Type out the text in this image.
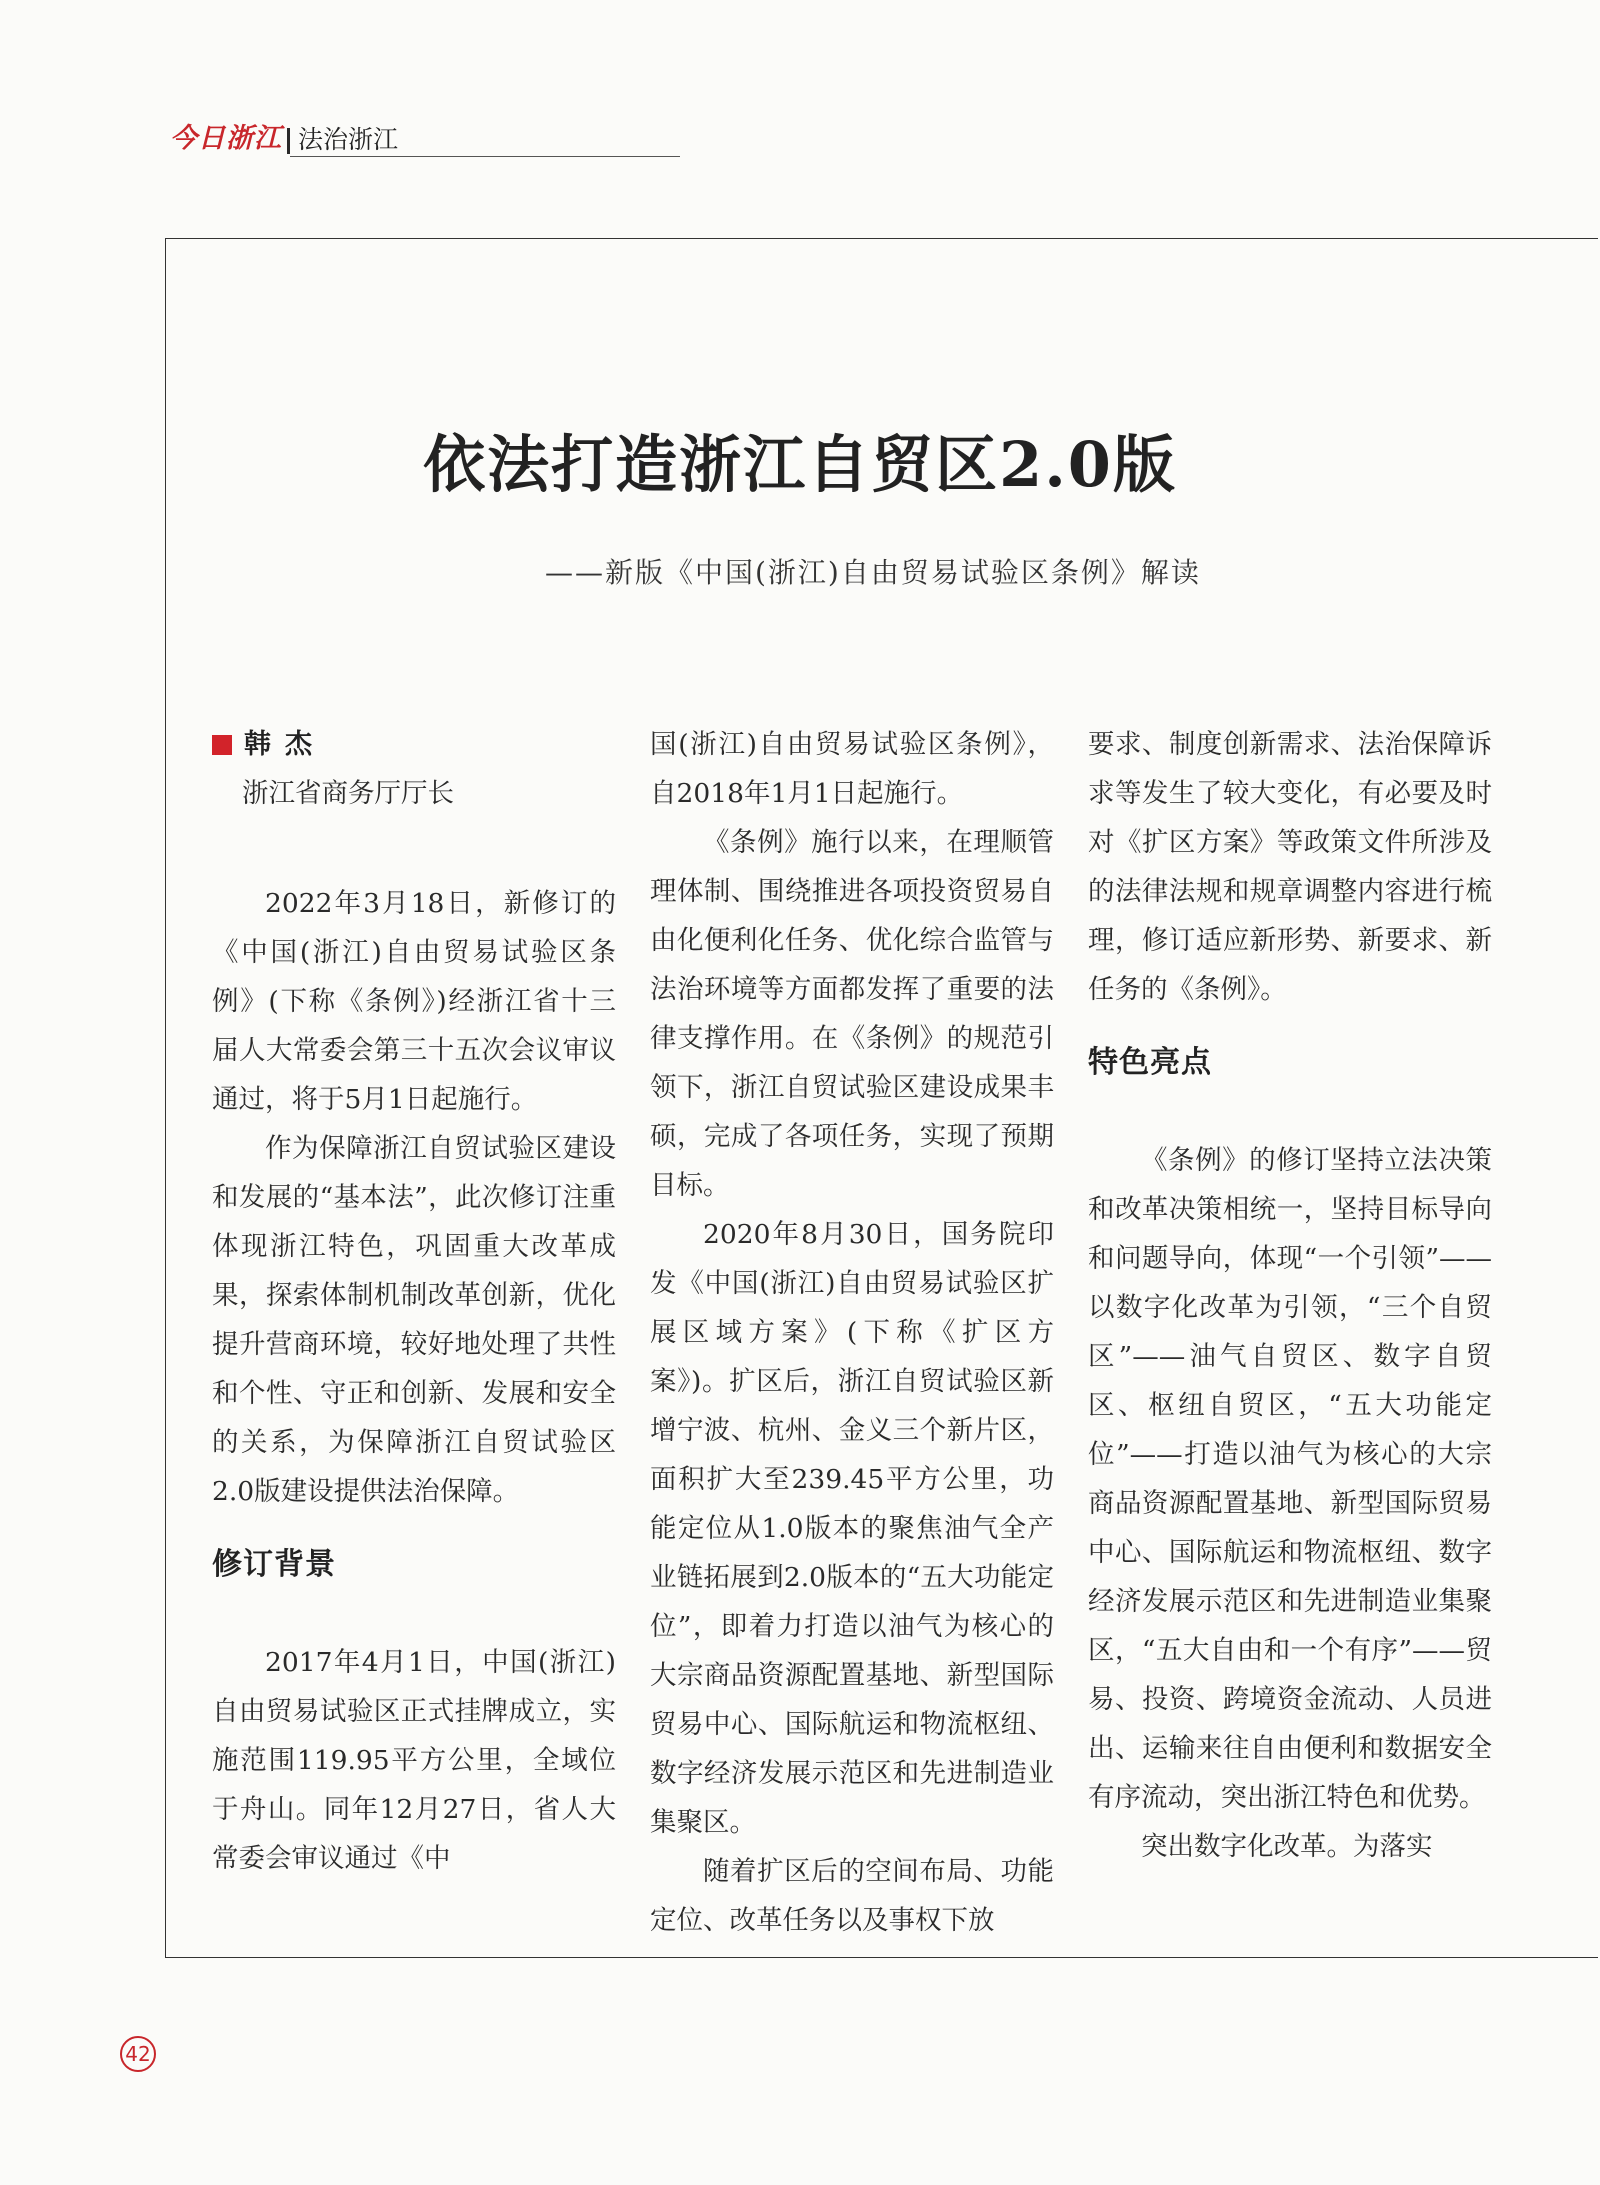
今日浙江 法治浙江
依法打造浙江自贸区2.0版
——新版《中国(浙江)自由贸易试验区条例》解读
韩杰
浙江省商务厅厅长

2022年3月18日，新修订的《中国(浙江)自由贸易试验区条例》(下称《条例》)经浙江省十三届人大常委会第三十五次会议审议通过，将于5月1日起施行。

作为保障浙江自贸试验区建设和发展的“基本法”，此次修订注重体现浙江特色，巩固重大改革成果，探索体制机制改革创新，优化提升营商环境，较好地处理了共性和个性、守正和创新、发展和安全的关系，为保障浙江自贸试验区2.0版建设提供法治保障。

修订背景

2017年4月1日，中国(浙江)自由贸易试验区正式挂牌成立，实施范围119.95平方公里，全域位于舟山。同年12月27日，省人大常委会审议通过《中

国(浙江)自由贸易试验区条例》，自2018年1月1日起施行。

《条例》施行以来，在理顺管理体制、围绕推进各项投资贸易自由化便利化任务、优化综合监管与法治环境等方面都发挥了重要的法律支撑作用。在《条例》的规范引领下，浙江自贸试验区建设成果丰硕，完成了各项任务，实现了预期目标。

2020年8月30日，国务院印发《中国(浙江)自由贸易试验区扩展区域方案》(下称《扩区方案》)。扩区后，浙江自贸试验区新增宁波、杭州、金义三个新片区，面积扩大至239.45平方公里，功能定位从1.0版本的聚焦油气全产业链拓展到2.0版本的“五大功能定位”，即着力打造以油气为核心的大宗商品资源配置基地、新型国际贸易中心、国际航运和物流枢纽、数字经济发展示范区和先进制造业集聚区。

随着扩区后的空间布局、功能定位、改革任务以及事权下放

要求、制度创新需求、法治保障诉求等发生了较大变化，有必要及时对《扩区方案》等政策文件所涉及的法律法规和规章调整内容进行梳理，修订适应新形势、新要求、新任务的《条例》。

特色亮点

《条例》的修订坚持立法决策和改革决策相统一，坚持目标导向和问题导向，体现“一个引领”——以数字化改革为引领，“三个自贸区”——油气自贸区、数字自贸区、枢纽自贸区，“五大功能定位”——打造以油气为核心的大宗商品资源配置基地、新型国际贸易中心、国际航运和物流枢纽、数字经济发展示范区和先进制造业集聚区，“五大自由和一个有序”——贸易、投资、跨境资金流动、人员进出、运输来往自由便利和数据安全有序流动，突出浙江特色和优势。

突出数字化改革。为落实

42
